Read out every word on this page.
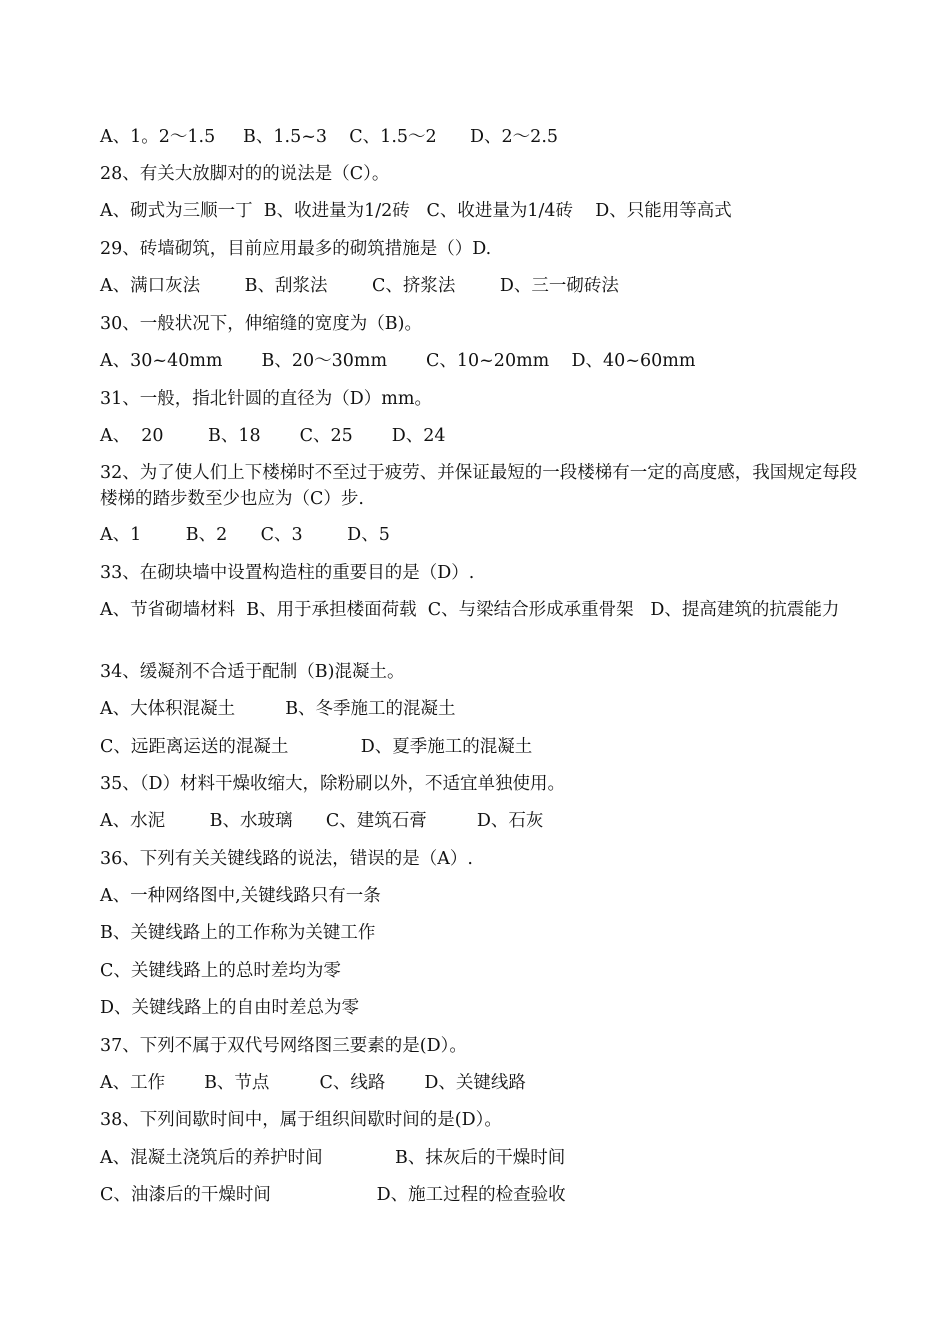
A、1。2～1.5     B、1.5~3    C、1.5～2      D、2～2.5
28、有关大放脚对的的说法是（C）。
A、砌式为三顺一丁  B、收进量为1/2砖   C、收进量为1/4砖    D、只能用等高式
29、砖墙砌筑，目前应用最多的砌筑措施是（）D.
A、满口灰法        B、刮浆法        C、挤浆法        D、三一砌砖法
30、一般状况下，伸缩缝的宽度为（B)。
A、30~40mm       B、20～30mm       C、10~20mm    D、40~60mm
31、一般，指北针圆的直径为（D）mm。
A、  20        B、18       C、25       D、24
32、为了使人们上下楼梯时不至过于疲劳、并保证最短的一段楼梯有一定的高度感，我国规定每段楼梯的踏步数至少也应为（C）步.
A、1        B、2      C、3        D、5
33、在砌块墙中设置构造柱的重要目的是（D）.
A、节省砌墙材料  B、用于承担楼面荷载  C、与梁结合形成承重骨架   D、提高建筑的抗震能力
34、缓凝剂不合适于配制（B)混凝土。
A、大体积混凝土         B、冬季施工的混凝土
C、远距离运送的混凝土             D、夏季施工的混凝土
35、（D）材料干燥收缩大，除粉刷以外，不适宜单独使用。
A、水泥        B、水玻璃      C、建筑石膏         D、石灰
36、下列有关关键线路的说法，错误的是（A）.
A、一种网络图中,关键线路只有一条
B、关键线路上的工作称为关键工作
C、关键线路上的总时差均为零
D、关键线路上的自由时差总为零
37、下列不属于双代号网络图三要素的是(D）。
A、工作       B、节点         C、线路       D、关键线路
38、下列间歇时间中，属于组织间歇时间的是(D）。
A、混凝土浇筑后的养护时间             B、抹灰后的干燥时间
C、油漆后的干燥时间                   D、施工过程的检查验收
